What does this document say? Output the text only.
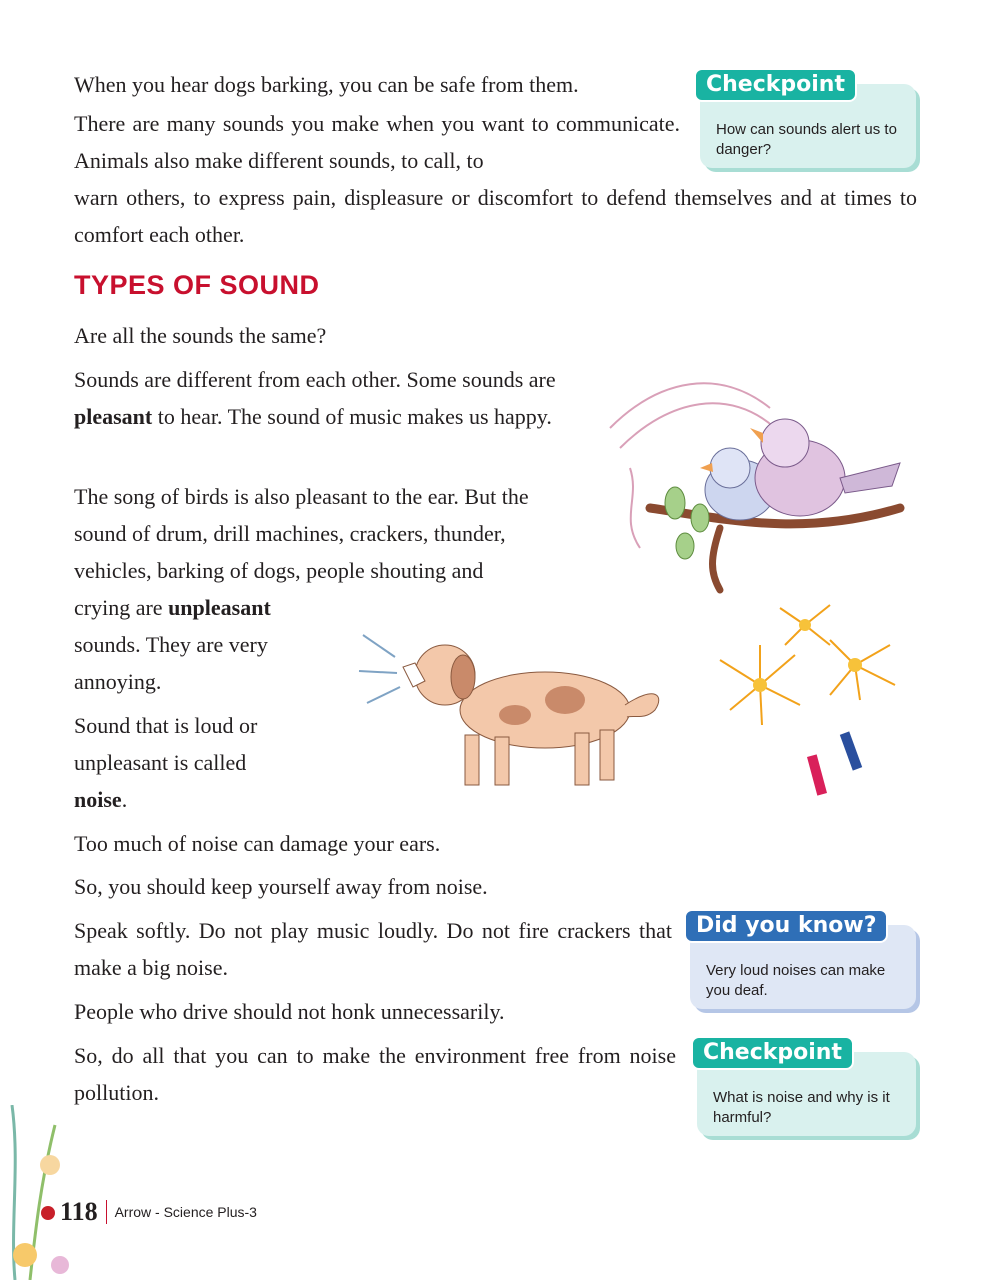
When you hear dogs barking, you can be safe from them.

There are many sounds you make when you want to communicate. Animals also make different sounds, to call, to

warn others, to express pain, displeasure or discomfort to defend themselves and at times to comfort each other.

Checkpoint
How can sounds alert us to danger?
TYPES OF SOUND

Are all the sounds the same?

Sounds are different from each other. Some sounds are pleasant to hear. The sound of music makes us happy.

The song of birds is also pleasant to the ear. But the sound of drum, drill machines, crackers, thunder, vehicles, barking of dogs, people shouting and

crying are unpleasant
sounds. They are very annoying.

Sound that is loud or unpleasant is called
noise.

Too much of noise can damage your ears.

So, you should keep yourself away from noise.

Speak softly. Do not play music loudly. Do not fire crackers that make a big noise.

People who drive should not honk unnecessarily.

So, do all that you can to make the environment free from noise pollution.

Did you know?
Very loud noises can make you deaf.
Checkpoint
What is noise and why is it harmful?
118 Arrow - Science Plus-3
